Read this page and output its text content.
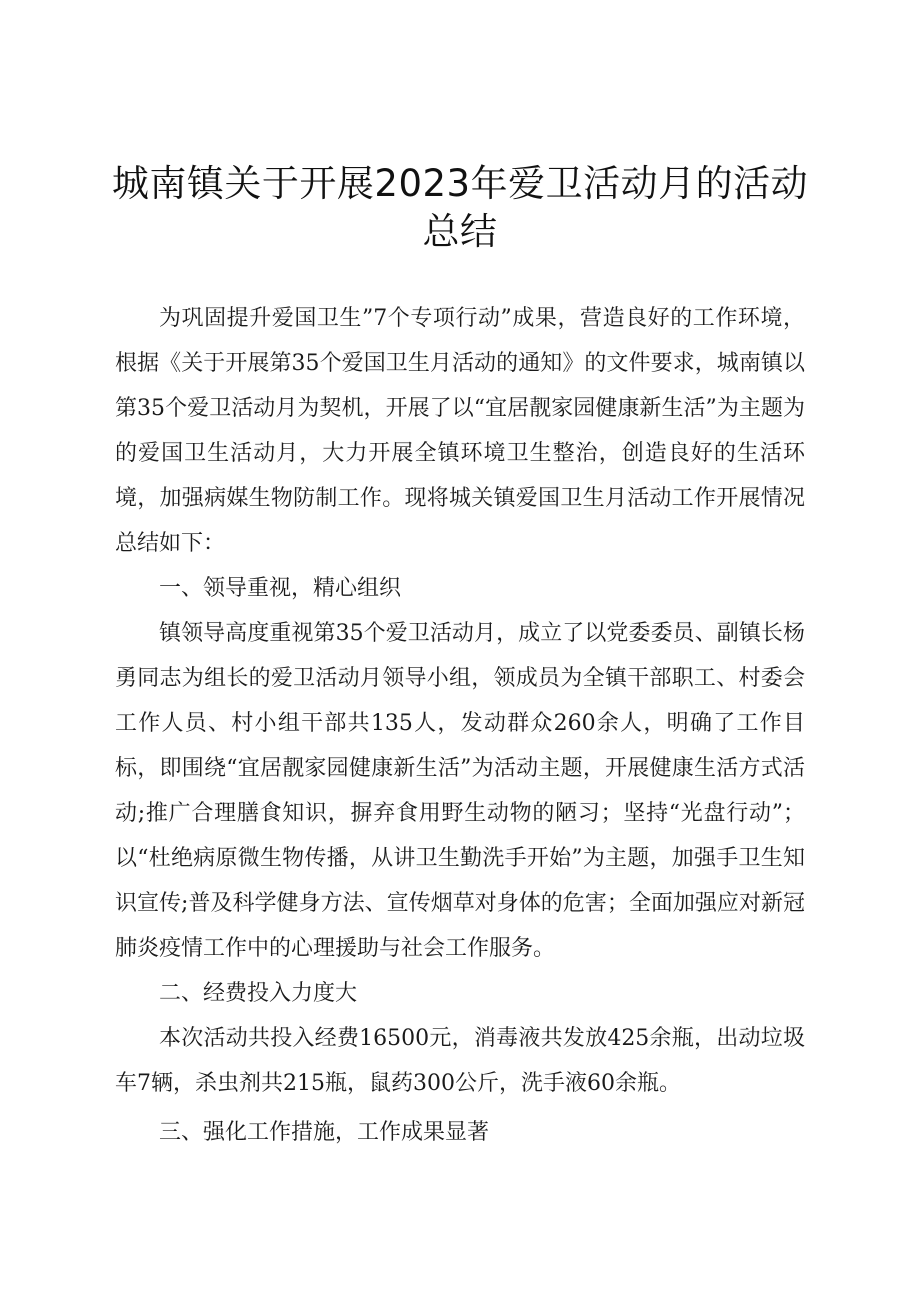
城南镇关于开展2023年爱卫活动月的活动
总结

为巩固提升爱国卫生”7个专项行动”成果，营造良好的工作环境，根据《关于开展第35个爱国卫生月活动的通知》的文件要求，城南镇以第35个爱卫活动月为契机，开展了以“宜居靓家园健康新生活”为主题为的爱国卫生活动月，大力开展全镇环境卫生整治，创造良好的生活环境，加强病媒生物防制工作。现将城关镇爱国卫生月活动工作开展情况总结如下：

一、领导重视，精心组织

镇领导高度重视第35个爱卫活动月，成立了以党委委员、副镇长杨勇同志为组长的爱卫活动月领导小组，领成员为全镇干部职工、村委会工作人员、村小组干部共135人，发动群众260余人，明确了工作目标，即围绕“宜居靓家园健康新生活”为活动主题，开展健康生活方式活动;推广合理膳食知识，摒弃食用野生动物的陋习；坚持“光盘行动”；以“杜绝病原微生物传播，从讲卫生勤洗手开始”为主题，加强手卫生知识宣传;普及科学健身方法、宣传烟草对身体的危害；全面加强应对新冠肺炎疫情工作中的心理援助与社会工作服务。

二、经费投入力度大

本次活动共投入经费16500元，消毒液共发放425余瓶，出动垃圾车7辆，杀虫剂共215瓶，鼠药300公斤，洗手液60余瓶。

三、强化工作措施，工作成果显著
